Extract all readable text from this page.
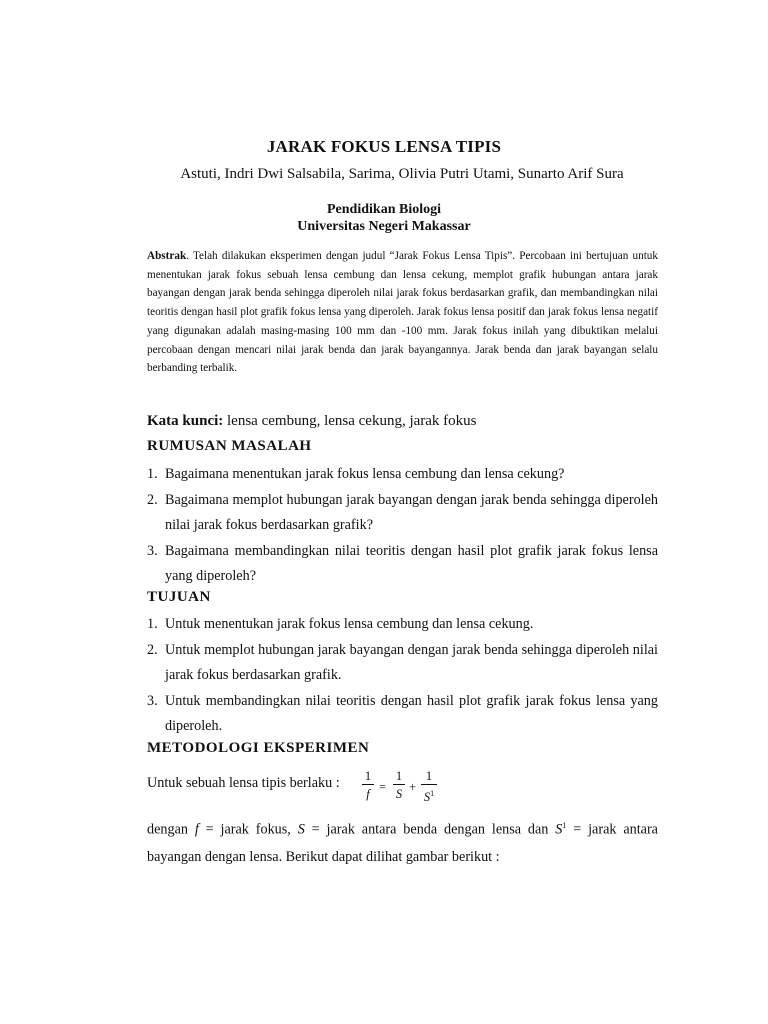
JARAK FOKUS LENSA TIPIS
Astuti, Indri Dwi Salsabila, Sarima, Olivia Putri Utami, Sunarto Arif Sura
Pendidikan Biologi
Universitas Negeri Makassar
Abstrak. Telah dilakukan eksperimen dengan judul “Jarak Fokus Lensa Tipis”. Percobaan ini bertujuan untuk menentukan jarak fokus sebuah lensa cembung dan lensa cekung, memplot grafik hubungan antara jarak bayangan dengan jarak benda sehingga diperoleh nilai jarak fokus berdasarkan grafik, dan membandingkan nilai teoritis dengan hasil plot grafik fokus lensa yang diperoleh. Jarak fokus lensa positif dan jarak fokus lensa negatif yang digunakan adalah masing-masing 100 mm dan -100 mm. Jarak fokus inilah yang dibuktikan melalui percobaan dengan mencari nilai jarak benda dan jarak bayangannya. Jarak benda dan jarak bayangan selalu berbanding terbalik.
Kata kunci: lensa cembung, lensa cekung, jarak fokus
RUMUSAN MASALAH
1. Bagaimana menentukan jarak fokus lensa cembung dan lensa cekung?
2. Bagaimana memplot hubungan jarak bayangan dengan jarak benda sehingga diperoleh nilai jarak fokus berdasarkan grafik?
3. Bagaimana membandingkan nilai teoritis dengan hasil plot grafik jarak fokus lensa yang diperoleh?
TUJUAN
1. Untuk menentukan jarak fokus lensa cembung dan lensa cekung.
2. Untuk memplot hubungan jarak bayangan dengan jarak benda sehingga diperoleh nilai jarak fokus berdasarkan grafik.
3. Untuk membandingkan nilai teoritis dengan hasil plot grafik jarak fokus lensa yang diperoleh.
METODOLOGI EKSPERIMEN
Untuk sebuah lensa tipis berlaku : 1
f =
1
S +
1
$S^1$
dengan f = jarak fokus, S = jarak antara benda dengan lensa dan $S^1$ = jarak antara bayangan dengan lensa. Berikut dapat dilihat gambar berikut :
